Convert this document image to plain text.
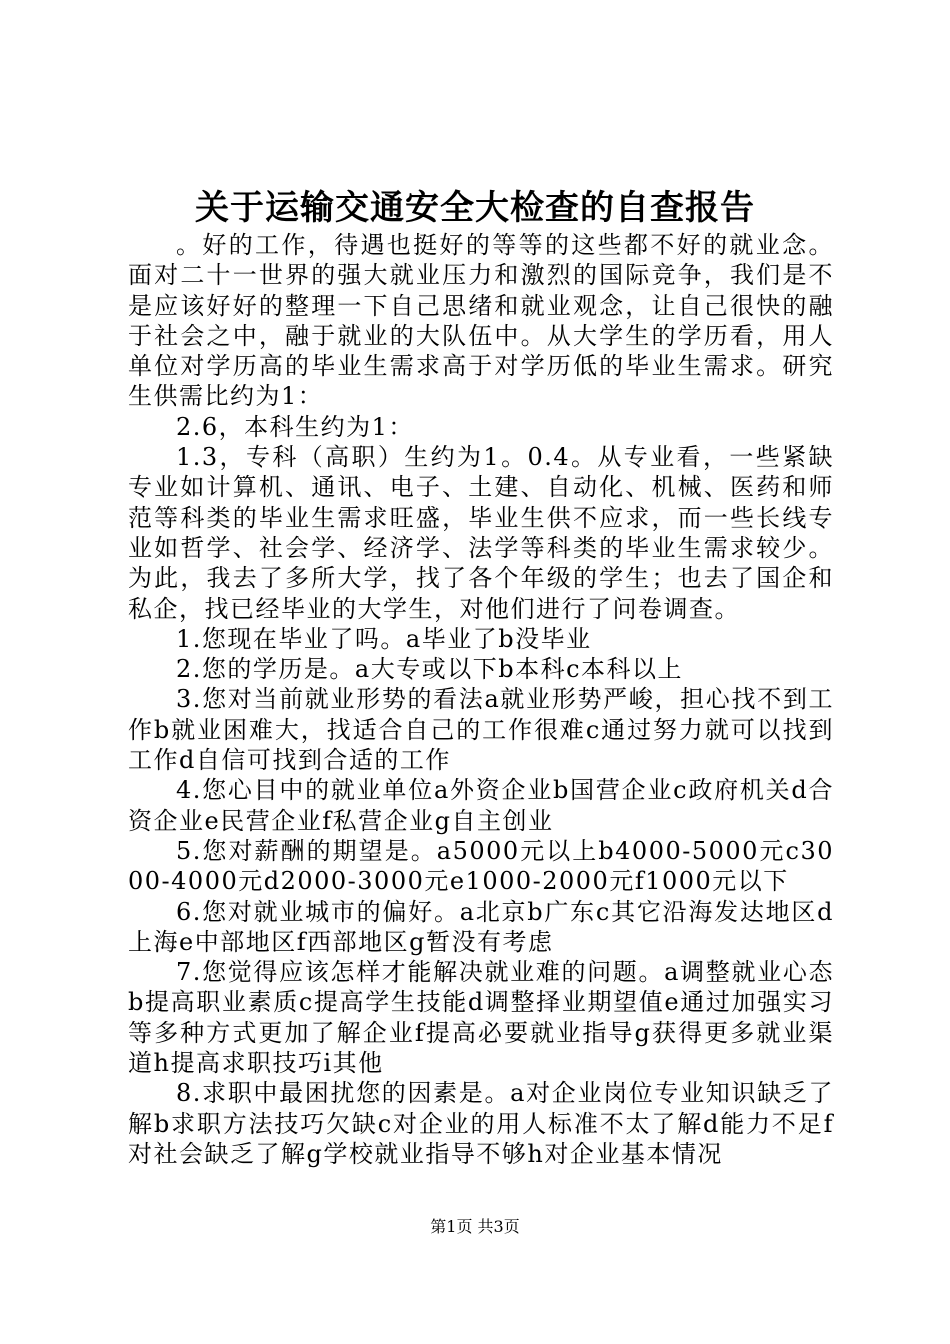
关于运输交通安全大检查的自查报告

。好的工作，待遇也挺好的等等的这些都不好的就业念。面对二十一世界的强大就业压力和激烈的国际竞争，我们是不是应该好好的整理一下自己思绪和就业观念，让自己很快的融于社会之中，融于就业的大队伍中。从大学生的学历看，用人单位对学历高的毕业生需求高于对学历低的毕业生需求。研究生供需比约为1：

2.6，本科生约为1：

1.3，专科（高职）生约为1。0.4。从专业看，一些紧缺专业如计算机、通讯、电子、土建、自动化、机械、医药和师范等科类的毕业生需求旺盛，毕业生供不应求，而一些长线专业如哲学、社会学、经济学、法学等科类的毕业生需求较少。为此，我去了多所大学，找了各个年级的学生；也去了国企和私企，找已经毕业的大学生，对他们进行了问卷调查。

1.您现在毕业了吗。a毕业了b没毕业

2.您的学历是。a大专或以下b本科c本科以上

3.您对当前就业形势的看法a就业形势严峻，担心找不到工作b就业困难大，找适合自己的工作很难c通过努力就可以找到工作d自信可找到合适的工作

4.您心目中的就业单位a外资企业b国营企业c政府机关d合资企业e民营企业f私营企业g自主创业

5.您对薪酬的期望是。a5000元以上b4000-5000元c3000-4000元d2000-3000元e1000-2000元f1000元以下

6.您对就业城市的偏好。a北京b广东c其它沿海发达地区d上海e中部地区f西部地区g暂没有考虑

7.您觉得应该怎样才能解决就业难的问题。a调整就业心态b提高职业素质c提高学生技能d调整择业期望值e通过加强实习等多种方式更加了解企业f提高必要就业指导g获得更多就业渠道h提高求职技巧i其他

8.求职中最困扰您的因素是。a对企业岗位专业知识缺乏了解b求职方法技巧欠缺c对企业的用人标准不太了解d能力不足f对社会缺乏了解g学校就业指导不够h对企业基本情况

第1页 共3页
